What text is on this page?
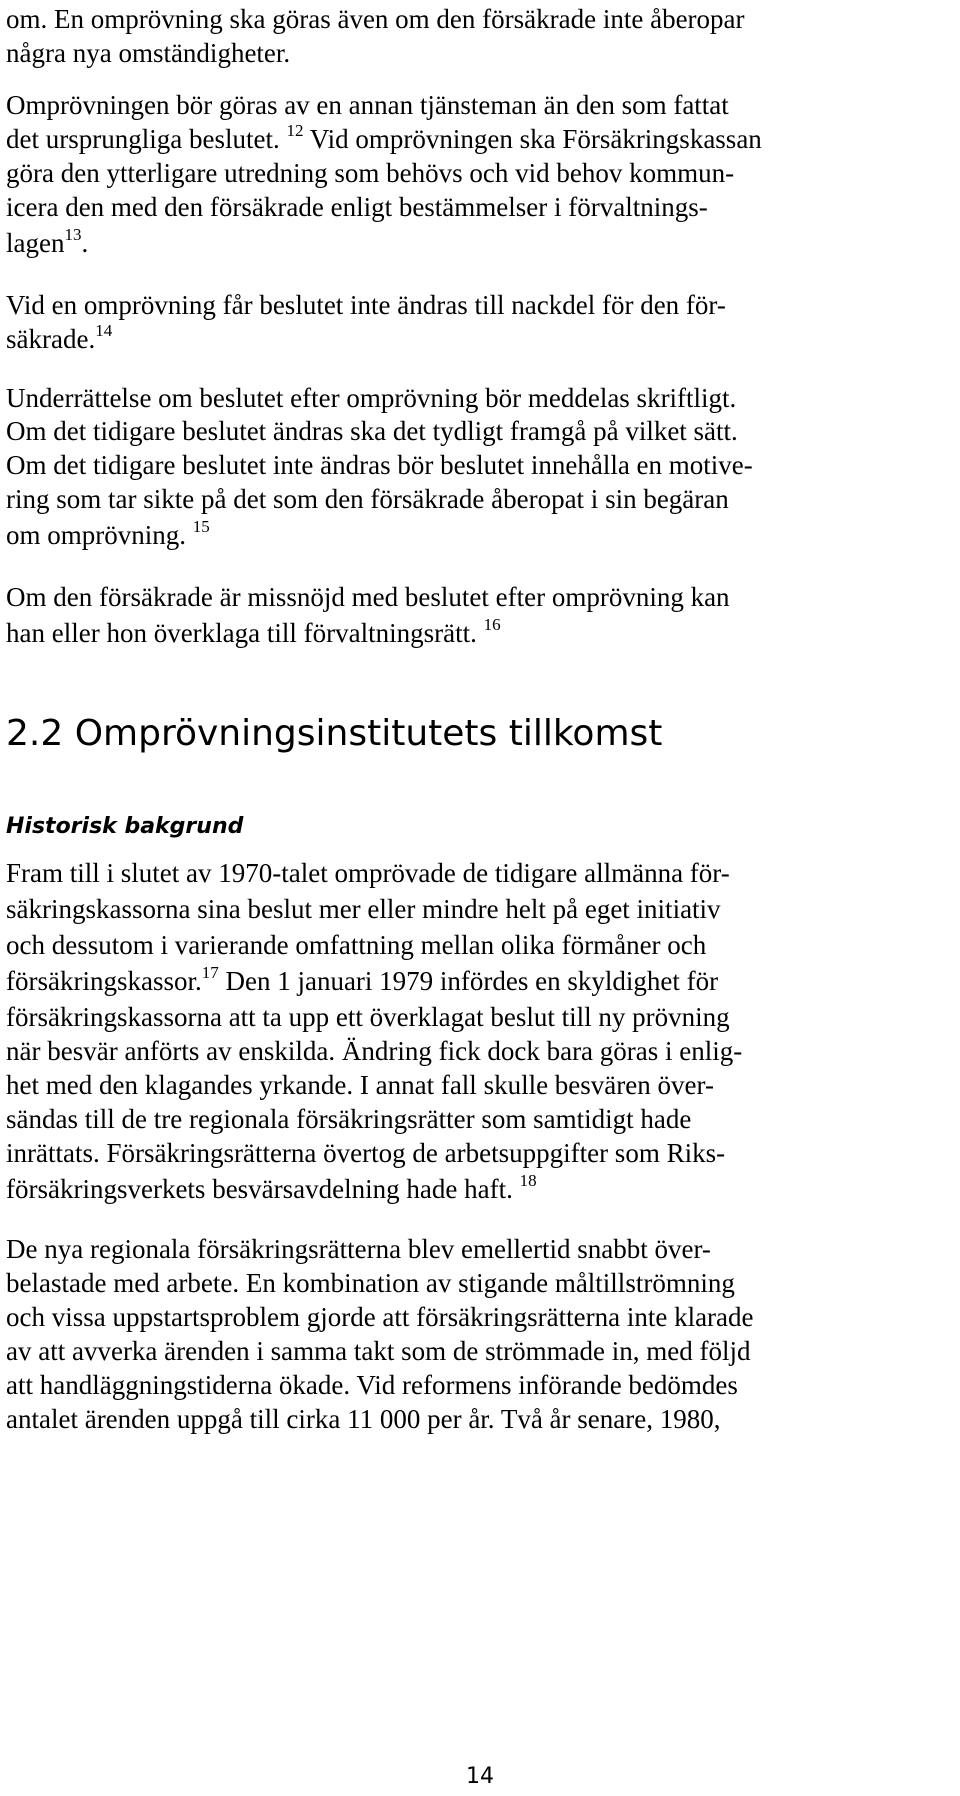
om. En omprövning ska göras även om den försäkrade inte åberopar

några nya omständigheter.

Omprövningen bör göras av en annan tjänsteman än den som fattat

det ursprungliga beslutet. $^{12}$ Vid omprövningen ska Försäkringskassan

göra den ytterligare utredning som behövs och vid behov kommun-

icera den med den försäkrade enligt bestämmelser i förvaltnings-

lagen$^{13}$.

Vid en omprövning får beslutet inte ändras till nackdel för den för-

säkrade.$^{14}$

Underrättelse om beslutet efter omprövning bör meddelas skriftligt.

Om det tidigare beslutet ändras ska det tydligt framgå på vilket sätt.

Om det tidigare beslutet inte ändras bör beslutet innehålla en motive-

ring som tar sikte på det som den försäkrade åberopat i sin begäran

om omprövning. $^{15}$

Om den försäkrade är missnöjd med beslutet efter omprövning kan

han eller hon överklaga till förvaltningsrätt. $^{16}$

2.2 Omprövningsinstitutets tillkomst
Historisk bakgrund

Fram till i slutet av 1970-talet omprövade de tidigare allmänna för-

säkringskassorna sina beslut mer eller mindre helt på eget initiativ

och dessutom i varierande omfattning mellan olika förmåner och

försäkringskassor.$^{17}$ Den 1 januari 1979 infördes en skyldighet för

försäkringskassorna att ta upp ett överklagat beslut till ny prövning

när besvär anförts av enskilda. Ändring fick dock bara göras i enlig-

het med den klagandes yrkande. I annat fall skulle besvären över-

sändas till de tre regionala försäkringsrätter som samtidigt hade

inrättats. Försäkringsrätterna övertog de arbetsuppgifter som Riks-

försäkringsverkets besvärsavdelning hade haft. $^{18}$

De nya regionala försäkringsrätterna blev emellertid snabbt över-

belastade med arbete. En kombination av stigande måltillströmning

och vissa uppstartsproblem gjorde att försäkringsrätterna inte klarade

av att avverka ärenden i samma takt som de strömmade in, med följd

att handläggningstiderna ökade. Vid reformens införande bedömdes

antalet ärenden uppgå till cirka 11 000 per år. Två år senare, 1980,

14
